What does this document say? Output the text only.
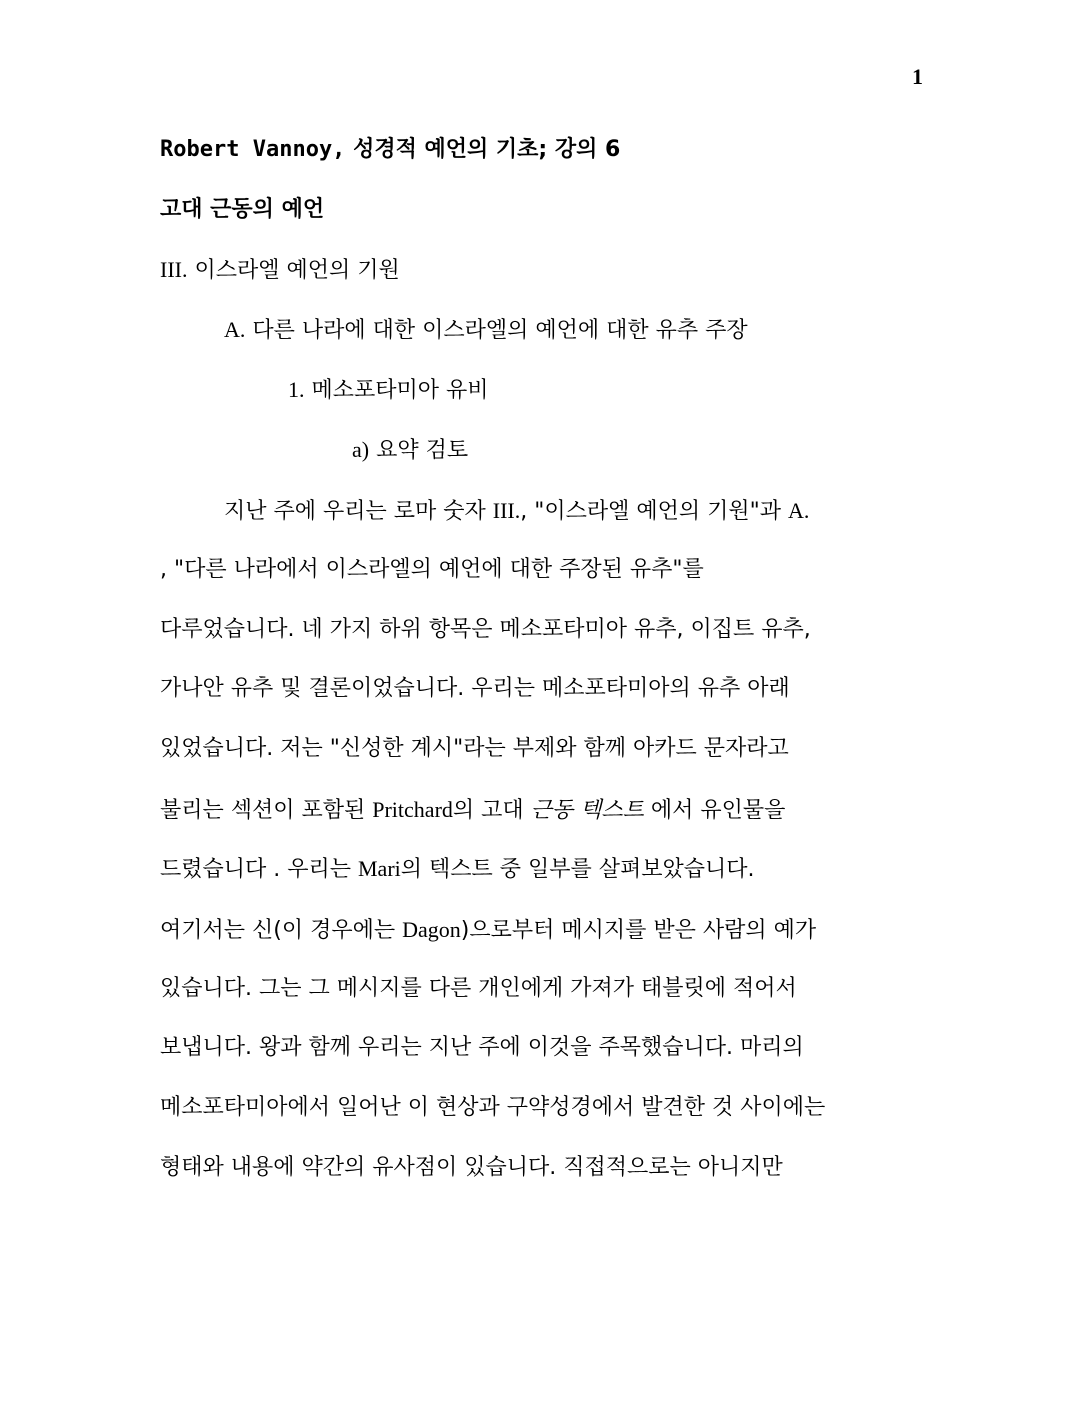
1
Robert Vannoy, 성경적 예언의 기초; 강의 6
고대 근동의 예언
III. 이스라엘 예언의 기원
A. 다른 나라에 대한 이스라엘의 예언에 대한 유추 주장
1. 메소포타미아 유비
a) 요약 검토
지난 주에 우리는 로마 숫자 III., "이스라엘 예언의 기원"과 A.
, "다른 나라에서 이스라엘의 예언에 대한 주장된 유추"를
다루었습니다. 네 가지 하위 항목은 메소포타미아 유추, 이집트 유추,
가나안 유추 및 결론이었습니다. 우리는 메소포타미아의 유추 아래
있었습니다. 저는 "신성한 계시"라는 부제와 함께 아카드 문자라고
불리는 섹션이 포함된 Pritchard의 고대 근동 텍스트 에서 유인물을
드렸습니다 . 우리는 Mari의 텍스트 중 일부를 살펴보았습니다.
여기서는 신(이 경우에는 Dagon)으로부터 메시지를 받은 사람의 예가
있습니다. 그는 그 메시지를 다른 개인에게 가져가 태블릿에 적어서
보냅니다. 왕과 함께 우리는 지난 주에 이것을 주목했습니다. 마리의
메소포타미아에서 일어난 이 현상과 구약성경에서 발견한 것 사이에는
형태와 내용에 약간의 유사점이 있습니다. 직접적으로는 아니지만
